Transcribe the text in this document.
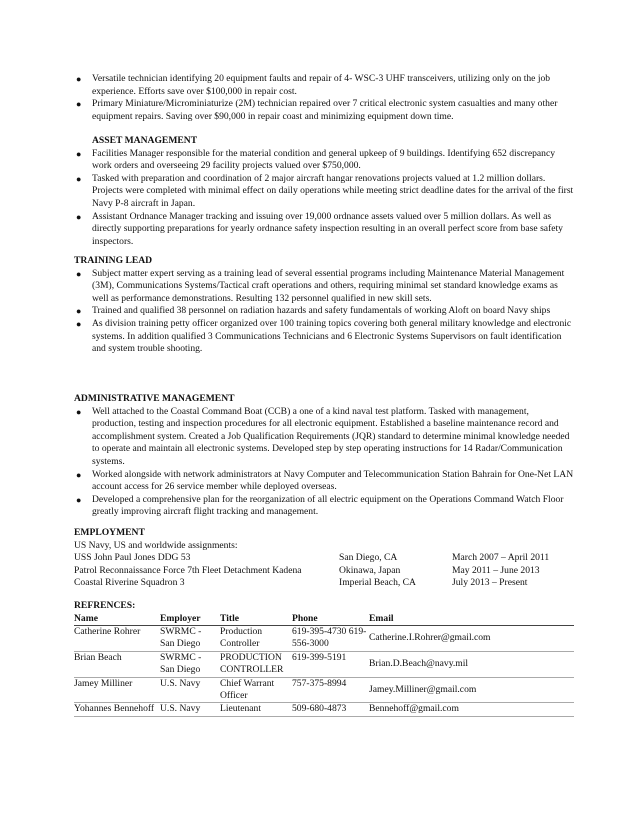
● Versatile technician identifying 20 equipment faults and repair of 4- WSC-3 UHF transceivers, utilizing only on the job experience. Efforts save over $100,000 in repair cost.
● Primary Miniature/Microminiaturize (2M) technician repaired over 7 critical electronic system casualties and many other equipment repairs. Saving over $90,000 in repair coast and minimizing equipment down time.
ASSET MANAGEMENT
● Facilities Manager responsible for the material condition and general upkeep of 9 buildings. Identifying 652 discrepancy work orders and overseeing 29 facility projects valued over $750,000.
● Tasked with preparation and coordination of 2 major aircraft hangar renovations projects valued at 1.2 million dollars. Projects were completed with minimal effect on daily operations while meeting strict deadline dates for the arrival of the first Navy P-8 aircraft in Japan.
● Assistant Ordnance Manager tracking and issuing over 19,000 ordnance assets valued over 5 million dollars. As well as directly supporting preparations for yearly ordnance safety inspection resulting in an overall perfect score from base safety inspectors.
TRAINING LEAD
● Subject matter expert serving as a training lead of several essential programs including Maintenance Material Management (3M), Communications Systems/Tactical craft operations and others, requiring minimal set standard knowledge exams as well as performance demonstrations. Resulting 132 personnel qualified in new skill sets.
● Trained and qualified 38 personnel on radiation hazards and safety fundamentals of working Aloft on board Navy ships
● As division training petty officer organized over 100 training topics covering both general military knowledge and electronic systems. In addition qualified 3 Communications Technicians and 6 Electronic Systems Supervisors on fault identification and system trouble shooting.
ADMINISTRATIVE MANAGEMENT
● Well attached to the Coastal Command Boat (CCB) a one of a kind naval test platform. Tasked with management, production, testing and inspection procedures for all electronic equipment. Established a baseline maintenance record and accomplishment system. Created a Job Qualification Requirements (JQR) standard to determine minimal knowledge needed to operate and maintain all electronic systems. Developed step by step operating instructions for 14 Radar/Communication systems.
● Worked alongside with network administrators at Navy Computer and Telecommunication Station Bahrain for One-Net LAN account access for 26 service member while deployed overseas.
● Developed a comprehensive plan for the reorganization of all electric equipment on the Operations Command Watch Floor greatly improving aircraft flight tracking and management.
EMPLOYMENT
US Navy, US and worldwide assignments:
USS John Paul Jones DDG 53	San Diego, CA	March 2007 – April 2011
Patrol Reconnaissance Force 7th Fleet Detachment Kadena	Okinawa, Japan	May 2011 – June 2013
Coastal Riverine Squadron 3	Imperial Beach, CA	July 2013 – Present
REFRENCES:
Name	Employer	Title	Phone	Email
Catherine Rohrer	SWRMC - San Diego	Production Controller	619-395-4730 619-556-3000	Catherine.I.Rohrer@gmail.com
Brian Beach	SWRMC - San Diego	PRODUCTION CONTROLLER	619-399-5191	Brian.D.Beach@navy.mil
Jamey Milliner	U.S. Navy	Chief Warrant Officer	757-375-8994	Jamey.Milliner@gmail.com
Yohannes Bennehoff	U.S. Navy	Lieutenant	509-680-4873	Bennehoff@gmail.com
